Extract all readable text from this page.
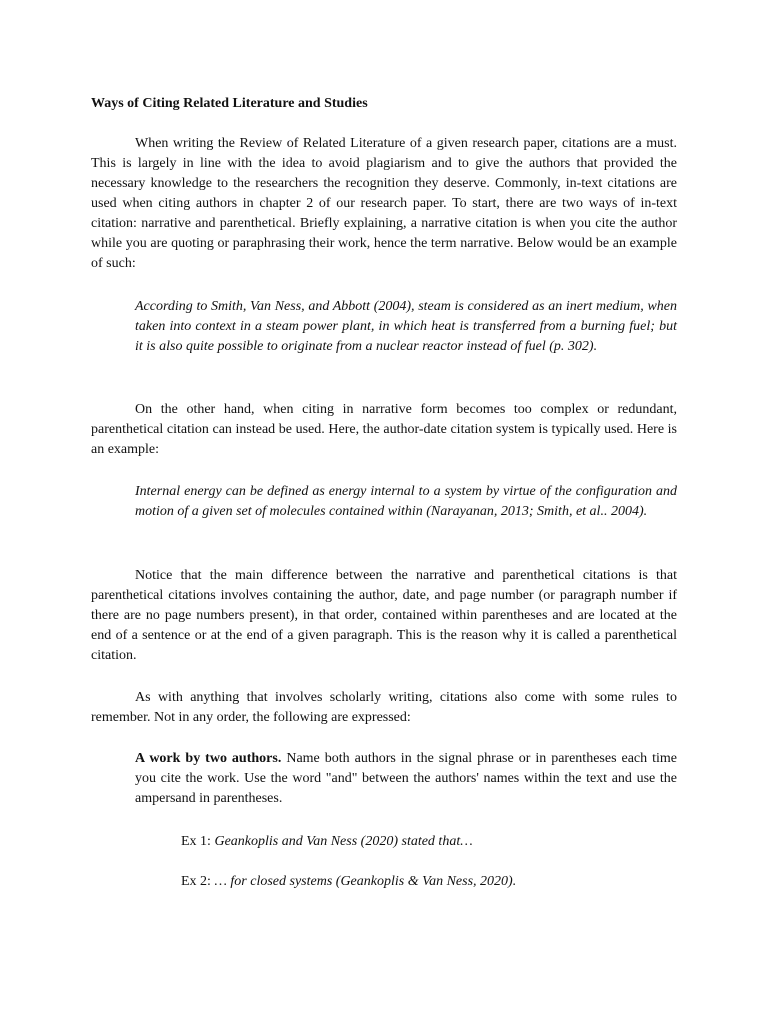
Ways of Citing Related Literature and Studies

When writing the Review of Related Literature of a given research paper, citations are a must. This is largely in line with the idea to avoid plagiarism and to give the authors that provided the necessary knowledge to the researchers the recognition they deserve. Commonly, in-text citations are used when citing authors in chapter 2 of our research paper. To start, there are two ways of in-text citation: narrative and parenthetical. Briefly explaining, a narrative citation is when you cite the author while you are quoting or paraphrasing their work, hence the term narrative. Below would be an example of such:

According to Smith, Van Ness, and Abbott (2004), steam is considered as an inert medium, when taken into context in a steam power plant, in which heat is transferred from a burning fuel; but it is also quite possible to originate from a nuclear reactor instead of fuel (p. 302).

On the other hand, when citing in narrative form becomes too complex or redundant, parenthetical citation can instead be used. Here, the author-date citation system is typically used. Here is an example:

Internal energy can be defined as energy internal to a system by virtue of the configuration and motion of a given set of molecules contained within (Narayanan, 2013; Smith, et al.. 2004).

Notice that the main difference between the narrative and parenthetical citations is that parenthetical citations involves containing the author, date, and page number (or paragraph number if there are no page numbers present), in that order, contained within parentheses and are located at the end of a sentence or at the end of a given paragraph. This is the reason why it is called a parenthetical citation.

As with anything that involves scholarly writing, citations also come with some rules to remember. Not in any order, the following are expressed:

A work by two authors. Name both authors in the signal phrase or in parentheses each time you cite the work. Use the word "and" between the authors' names within the text and use the ampersand in parentheses.

Ex 1: Geankoplis and Van Ness (2020) stated that…

Ex 2: … for closed systems (Geankoplis & Van Ness, 2020).
